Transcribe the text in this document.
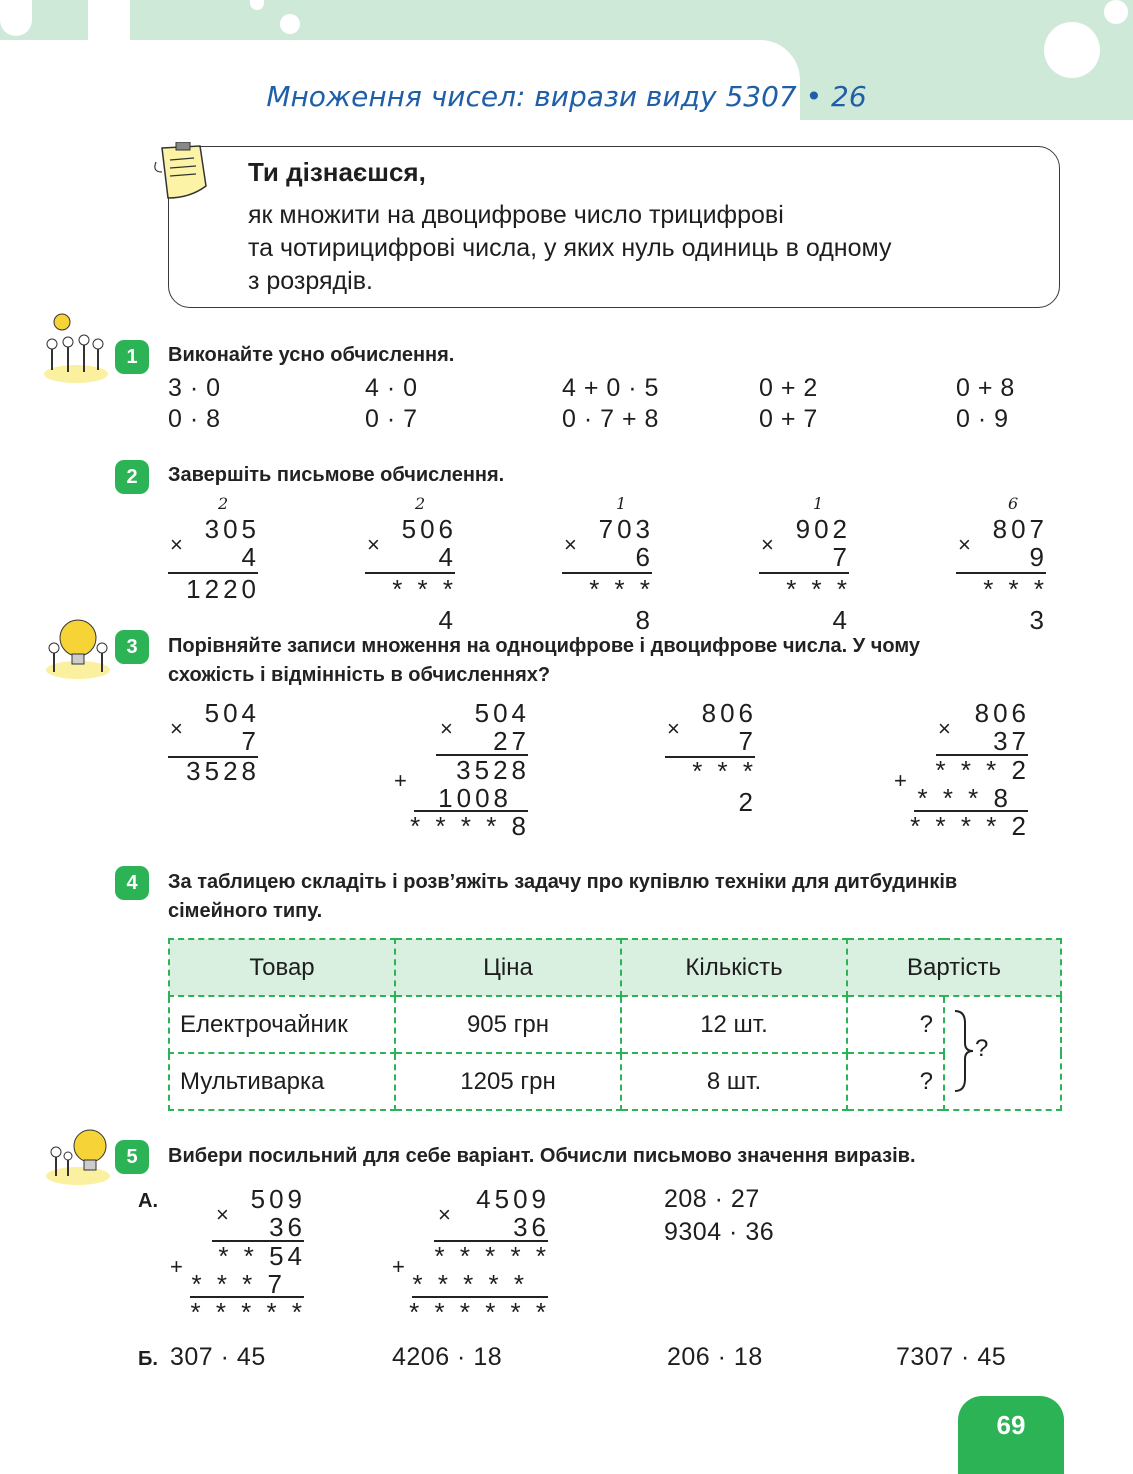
Множення чисел: вирази виду 5307 • 26
Ти дізнаєшся,
як множити на двоцифрове число трицифрові
та чотирицифрові числа, у яких нуль одиниць в одному
з розрядів.
1	Виконайте усно обчислення.
3 · 0	4 · 0	4 + 0 · 5	0 + 2	0 + 8
0 · 8	0 · 7	0 · 7 + 8	0 + 7	0 · 9
2	Завершіть письмове обчислення.
2
×
305
4
1220
2
×
506
4
* * * 4
1
×
703
6
* * * 8
1
×
902
7
* * * 4
6
×
807
9
* * * 3
3	Порівняйте записи множення на одноцифрове і двоцифрове числа. У чому
схожість і відмінність в обчисленнях?
×
504
7
3528
×
504
27
3528
+
1008
* * * * 8
×
806
7
* * * 2
×
806
37
* * * 2
+
* * * 8
* * * * 2
4	За таблицею складіть і розв’яжіть задачу про купівлю техніки для дитбудинків
сімейного типу.
Товар	Ціна	Кількість	Вартість	
Електрочайник	905 грн	12 шт.	?	?

Мультиварка	1205 грн	8 шт.	?	
5	Вибери посильний для себе варіант. Обчисли письмово значення виразів.
А.
×
509
36
* * 54
+
* * * 7
* * * * *
×
4509
36
* * * * *
+
* * * * *
* * * * * *
208 · 27
9304 · 36
Б. 307 · 45	4206 · 18	206 · 18	7307 · 45
69
